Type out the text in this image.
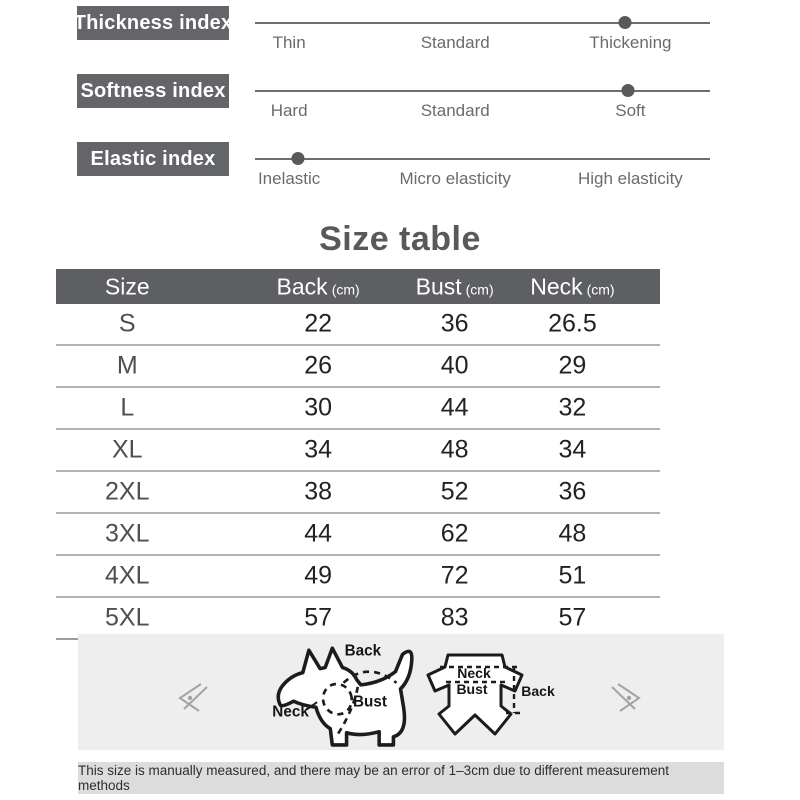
Thickness index
Thin	Standard	Thickening
Softness index
Hard	Standard	Soft
Elastic index
Inelastic	Micro elasticity	High elasticity
Size table
Size	Back (cm) Bust (cm) Neck (cm)
S	22	36	26.5
M	26	40	29
L	30	44	32
XL	34	48	34
2XL	38	52	36
3XL	44	62	48
4XL	49	72	51
5XL	57	83	57
Back
Neck
Bust
Neck
Bust Back
This size is manually measured, and there may be an error of 1–3cm due to different measurement methods
